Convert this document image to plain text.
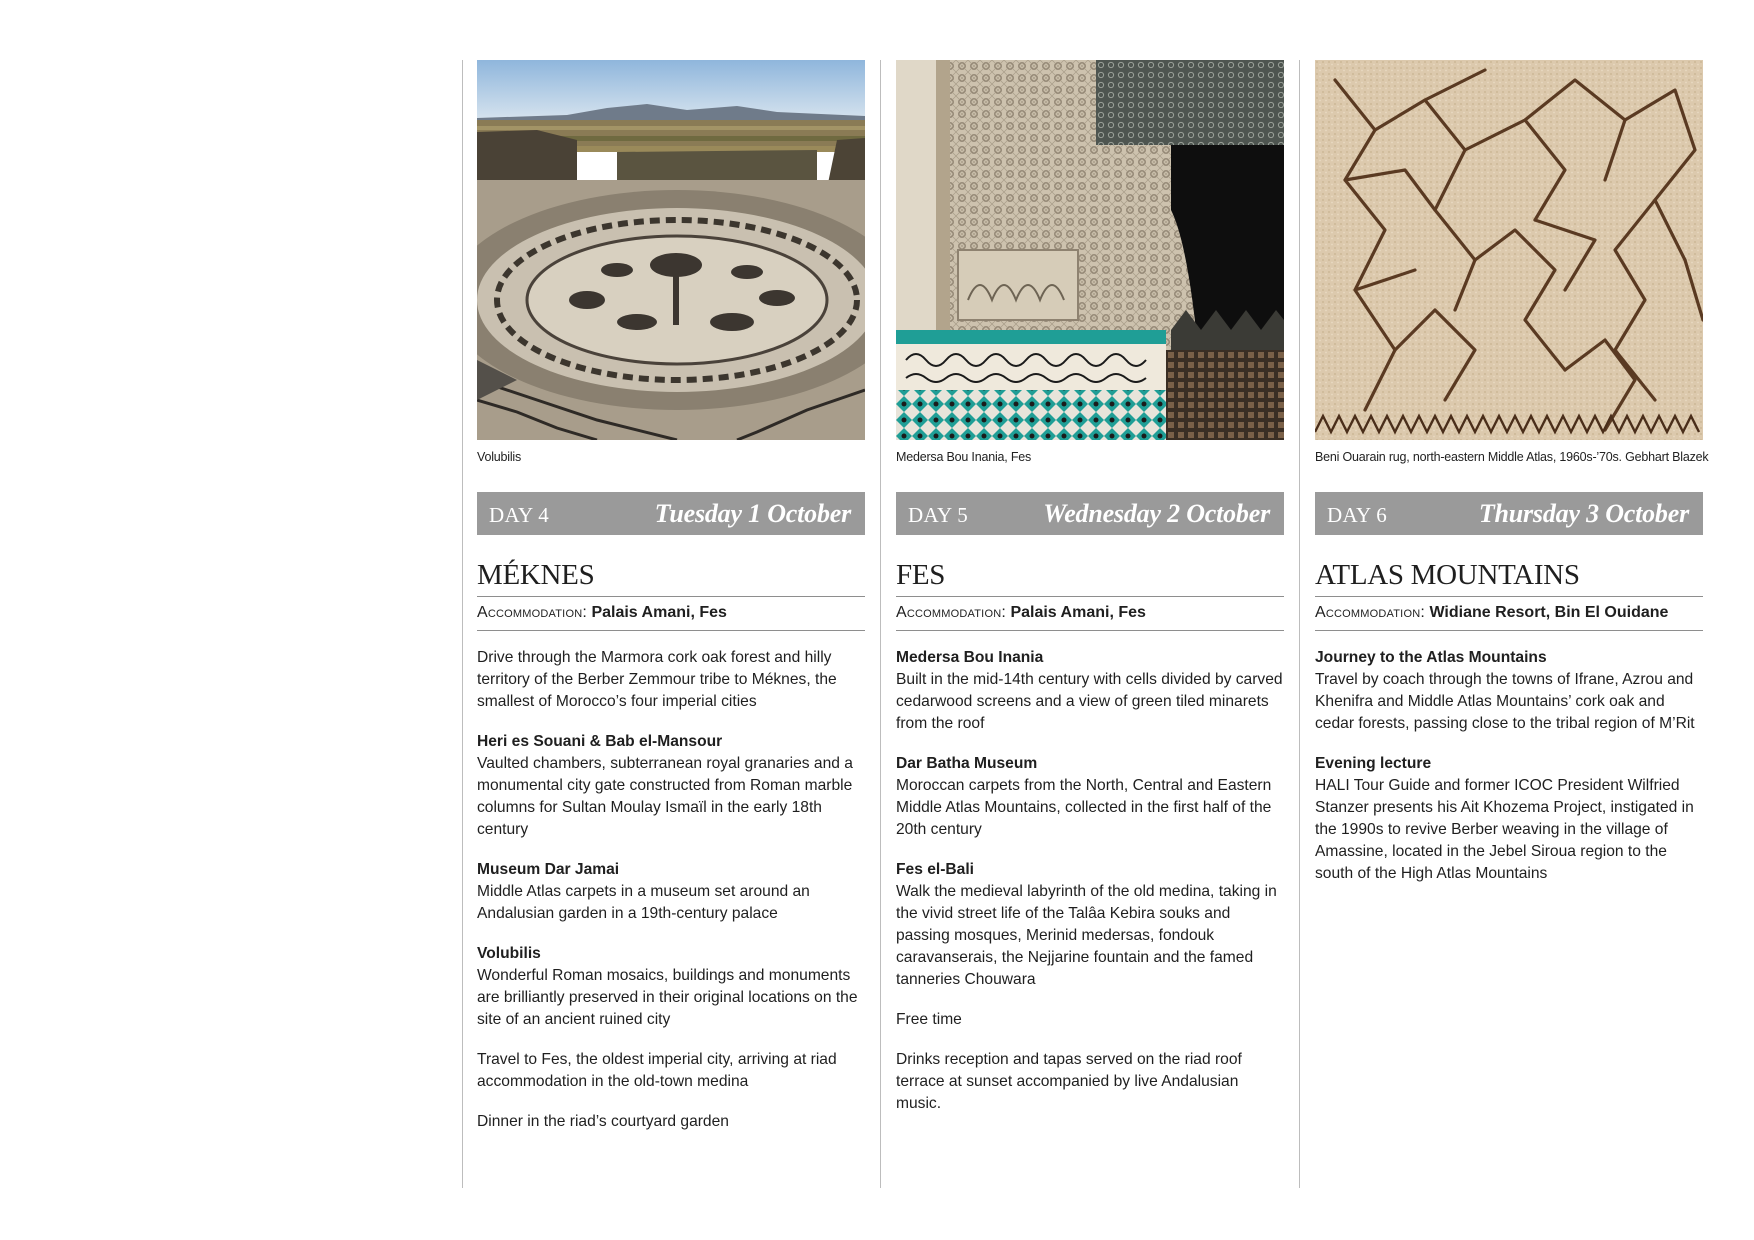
Volubilis
DAY 4	Tuesday 1 October
MÉKNES
Accommodation: Palais Amani, Fes
Drive through the Marmora cork oak forest and hilly territory of the Berber Zemmour tribe to Méknes, the smallest of Morocco’s four imperial cities
Heri es Souani & Bab el-Mansour
Vaulted chambers, subterranean royal granaries and a monumental city gate constructed from Roman marble columns for Sultan Moulay Ismaïl in the early 18th century
Museum Dar Jamai
Middle Atlas carpets in a museum set around an Andalusian garden in a 19th-century palace
Volubilis
Wonderful Roman mosaics, buildings and monuments are brilliantly preserved in their original locations on the site of an ancient ruined city
Travel to Fes, the oldest imperial city, arriving at riad accommodation in the old-town medina
Dinner in the riad’s courtyard garden
Medersa Bou Inania, Fes
DAY 5	Wednesday 2 October
FES
Accommodation: Palais Amani, Fes
Medersa Bou Inania
Built in the mid-14th century with cells divided by carved cedarwood screens and a view of green tiled minarets from the roof
Dar Batha Museum
Moroccan carpets from the North, Central and Eastern Middle Atlas Mountains, collected in the first half of the 20th century
Fes el-Bali
Walk the medieval labyrinth of the old medina, taking in the vivid street life of the Talâa Kebira souks and passing mosques, Merinid medersas, fondouk caravanserais, the Nejjarine fountain and the famed tanneries Chouwara
Free time
Drinks reception and tapas served on the riad roof terrace at sunset accompanied by live Andalusian music.
Beni Ouarain rug, north-eastern Middle Atlas, 1960s-’70s. Gebhart Blazek
DAY 6	Thursday 3 October
ATLAS MOUNTAINS
Accommodation: Widiane Resort, Bin El Ouidane
Journey to the Atlas Mountains
Travel by coach through the towns of Ifrane, Azrou and Khenifra and Middle Atlas Mountains’ cork oak and cedar forests, passing close to the tribal region of M’Rit
Evening lecture
HALI Tour Guide and former ICOC President Wilfried Stanzer presents his Ait Khozema Project, instigated in the 1990s to revive Berber weaving in the village of Amassine, located in the Jebel Siroua region to the south of the High Atlas Mountains
